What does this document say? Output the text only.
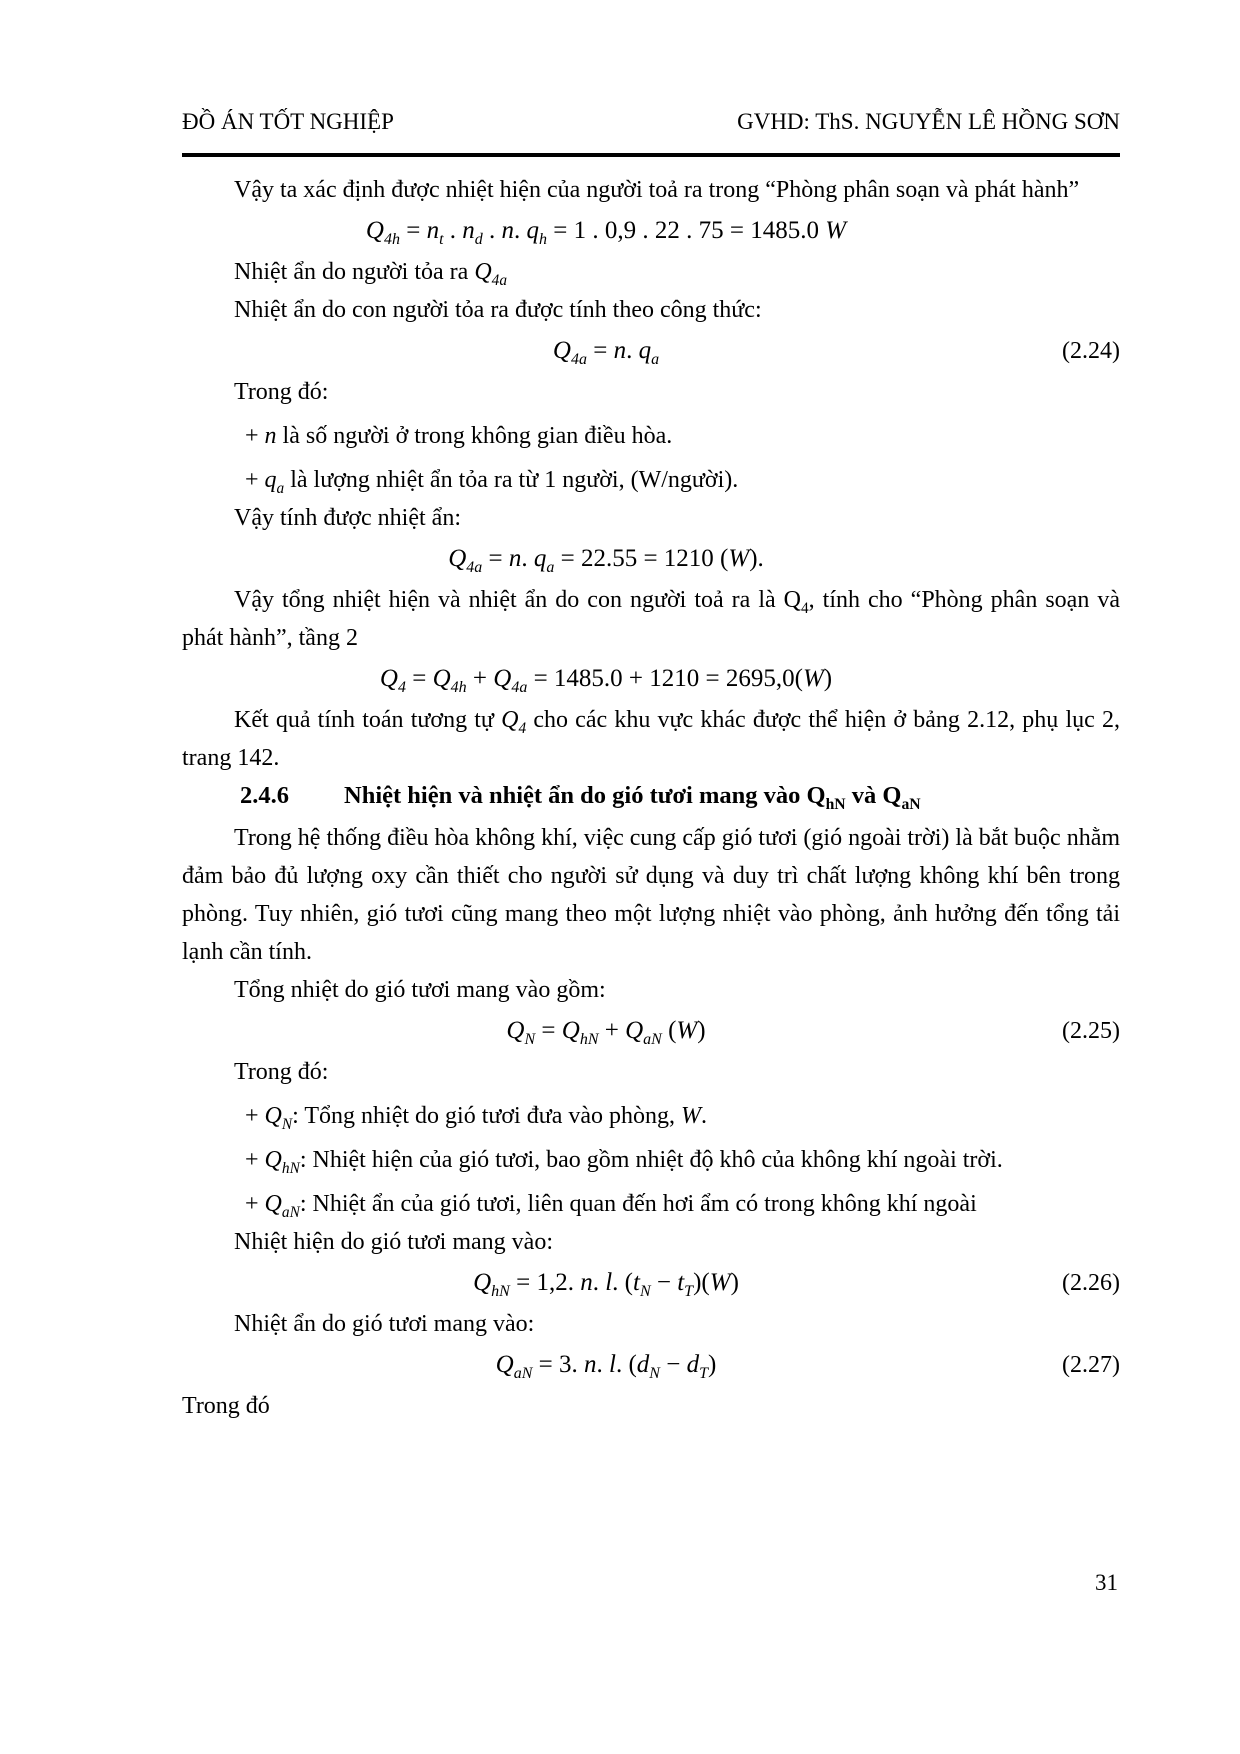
ĐỒ ÁN TỐT NGHIỆP	GVHD: ThS. NGUYỄN LÊ HỒNG SƠN
Vậy ta xác định được nhiệt hiện của người toả ra trong “Phòng phân soạn và phát hành”
$Q_{4h} = n_t$ . $n_d$ . n. $q_h = 1$ . 0,9 . 22 . 75 = 1485.0 W
Nhiệt ẩn do người tỏa ra $Q_{4a}$
Nhiệt ẩn do con người tỏa ra được tính theo công thức:
$Q_{4a} = n$. $q_a$	(2.24)
Trong đó:
+ n là số người ở trong không gian điều hòa.
+ $q_a$ là lượng nhiệt ẩn tỏa ra từ 1 người, (W/người).
Vậy tính được nhiệt ẩn:
$Q_{4a} = n$. $q_a = 22.55 = 1210$ (W).
Vậy tổng nhiệt hiện và nhiệt ẩn do con người toả ra là $Q_4$, tính cho “Phòng phân soạn và phát hành”, tầng 2
$Q_4 = Q_{4h} + Q_{4a} = 1485.0 + 1210 = 2695,0(W)$
Kết quả tính toán tương tự $Q_4$ cho các khu vực khác được thể hiện ở bảng 2.12, phụ lục 2, trang 142.
2.4.6 Nhiệt hiện và nhiệt ẩn do gió tươi mang vào $Q_{hN}$ và $Q_{aN}$
Trong hệ thống điều hòa không khí, việc cung cấp gió tươi (gió ngoài trời) là bắt buộc nhằm đảm bảo đủ lượng oxy cần thiết cho người sử dụng và duy trì chất lượng không khí bên trong phòng. Tuy nhiên, gió tươi cũng mang theo một lượng nhiệt vào phòng, ảnh hưởng đến tổng tải lạnh cần tính.
Tổng nhiệt do gió tươi mang vào gồm:
$Q_N = Q_{hN} + Q_{aN}$ (W)	(2.25)
Trong đó:
+ $Q_N$: Tổng nhiệt do gió tươi đưa vào phòng, W.
+ $Q_{hN}$: Nhiệt hiện của gió tươi, bao gồm nhiệt độ khô của không khí ngoài trời.
+ $Q_{aN}$: Nhiệt ẩn của gió tươi, liên quan đến hơi ẩm có trong không khí ngoài
Nhiệt hiện do gió tươi mang vào:
$Q_{hN} = 1,2$. n. l. $(t_N - t_T)(W)$	(2.26)
Nhiệt ẩn do gió tươi mang vào:
$Q_{aN} = 3$. n. l. $(d_N - d_T)$	(2.27)
Trong đó
31
